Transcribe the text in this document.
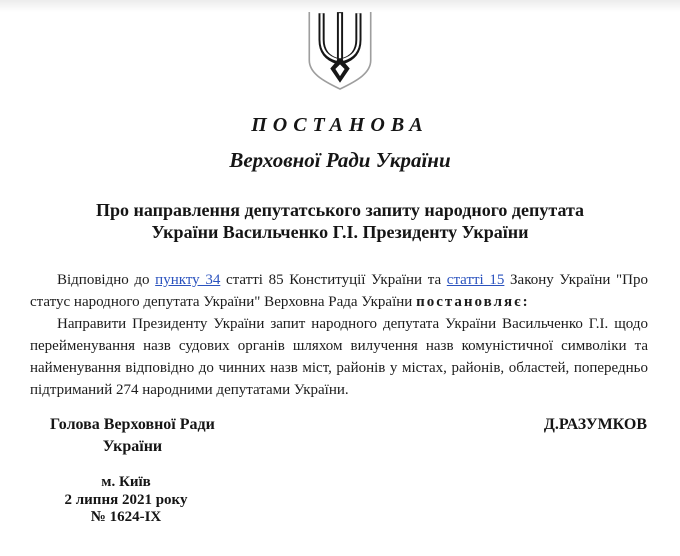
ПОСТАНОВА
Верховної Ради України
Про направлення депутатського запиту народного депутата
України Васильченко Г.І. Президенту України

Відповідно до пункту 34 статті 85 Конституції України та статті 15 Закону України "Про статус народного депутата України" Верховна Рада України постановляє:

Направити Президенту України запит народного депутата України Васильченко Г.І. щодо перейменування назв судових органів шляхом вилучення назв комуністичної символіки та найменування відповідно до чинних назв міст, районів у містах, районів, областей, попередньо підтриманий 274 народними депутатами України.

Голова Верховної Ради
України
Д.РАЗУМКОВ
м. Київ
2 липня 2021 року
№ 1624-IX
